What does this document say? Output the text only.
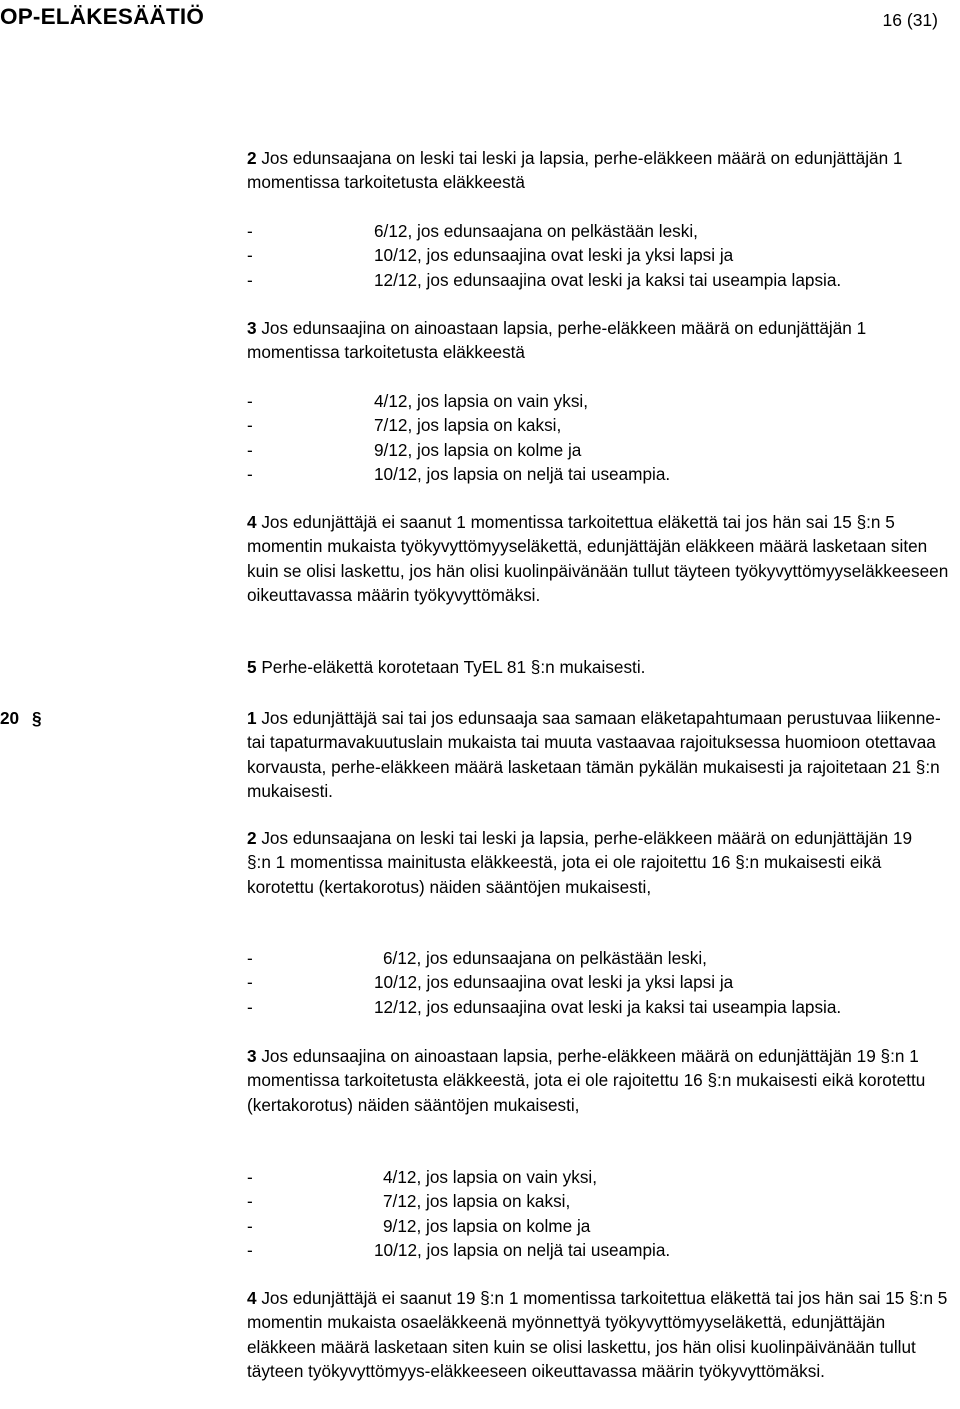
OP-ELÄKESÄÄTIÖ	16 (31)
20 §

2 Jos edunsaajana on leski tai leski ja lapsia, perhe-eläkkeen määrä on edunjättäjän 1 momentissa tarkoitetusta eläkkeestä

-	6/12, jos edunsaajana on pelkästään leski,
-	10/12, jos edunsaajina ovat leski ja yksi lapsi ja
-	12/12, jos edunsaajina ovat leski ja kaksi tai useampia lapsia.

3 Jos edunsaajina on ainoastaan lapsia, perhe-eläkkeen määrä on edunjättäjän 1 momentissa tarkoitetusta eläkkeestä

-	4/12, jos lapsia on vain yksi,
-	7/12, jos lapsia on kaksi,
-	9/12, jos lapsia on kolme ja
-	10/12, jos lapsia on neljä tai useampia.

4 Jos edunjättäjä ei saanut 1 momentissa tarkoitettua eläkettä tai jos hän sai 15 §:n 5 momentin mukaista työkyvyttömyyseläkettä, edunjättäjän eläkkeen määrä lasketaan siten kuin se olisi laskettu, jos hän olisi kuolinpäivänään tullut täyteen työkyvyttömyyseläkkeeseen oikeuttavassa määrin työkyvyttömäksi.

5 Perhe-eläkettä korotetaan TyEL 81 §:n mukaisesti.

1 Jos edunjättäjä sai tai jos edunsaaja saa samaan eläketapahtumaan perustuvaa liikenne- tai tapaturmavakuutuslain mukaista tai muuta vastaavaa rajoituksessa huomioon otettavaa korvausta, perhe-eläkkeen määrä lasketaan tämän pykälän mukaisesti ja rajoitetaan 21 §:n mukaisesti.

2 Jos edunsaajana on leski tai leski ja lapsia, perhe-eläkkeen määrä on edunjättäjän 19 §:n 1 momentissa mainitusta eläkkeestä, jota ei ole rajoitettu 16 §:n mukaisesti eikä korotettu (kertakorotus) näiden sääntöjen mukaisesti,

-	6/12, jos edunsaajana on pelkästään leski,
-	10/12, jos edunsaajina ovat leski ja yksi lapsi ja
-	12/12, jos edunsaajina ovat leski ja kaksi tai useampia lapsia.

3 Jos edunsaajina on ainoastaan lapsia, perhe-eläkkeen määrä on edunjättäjän 19 §:n 1 momentissa tarkoitetusta eläkkeestä, jota ei ole rajoitettu 16 §:n mukaisesti eikä korotettu (kertakorotus) näiden sääntöjen mukaisesti,

-	4/12, jos lapsia on vain yksi,
-	7/12, jos lapsia on kaksi,
-	9/12, jos lapsia on kolme ja
-	10/12, jos lapsia on neljä tai useampia.

4 Jos edunjättäjä ei saanut 19 §:n 1 momentissa tarkoitettua eläkettä tai jos hän sai 15 §:n 5 momentin mukaista osaeläkkeenä myönnettyä työkyvyttömyyseläkettä, edunjättäjän eläkkeen määrä lasketaan siten kuin se olisi laskettu, jos hän olisi kuolinpäivänään tullut täyteen työkyvyttömyys-eläkkeeseen oikeuttavassa määrin työkyvyttömäksi.
